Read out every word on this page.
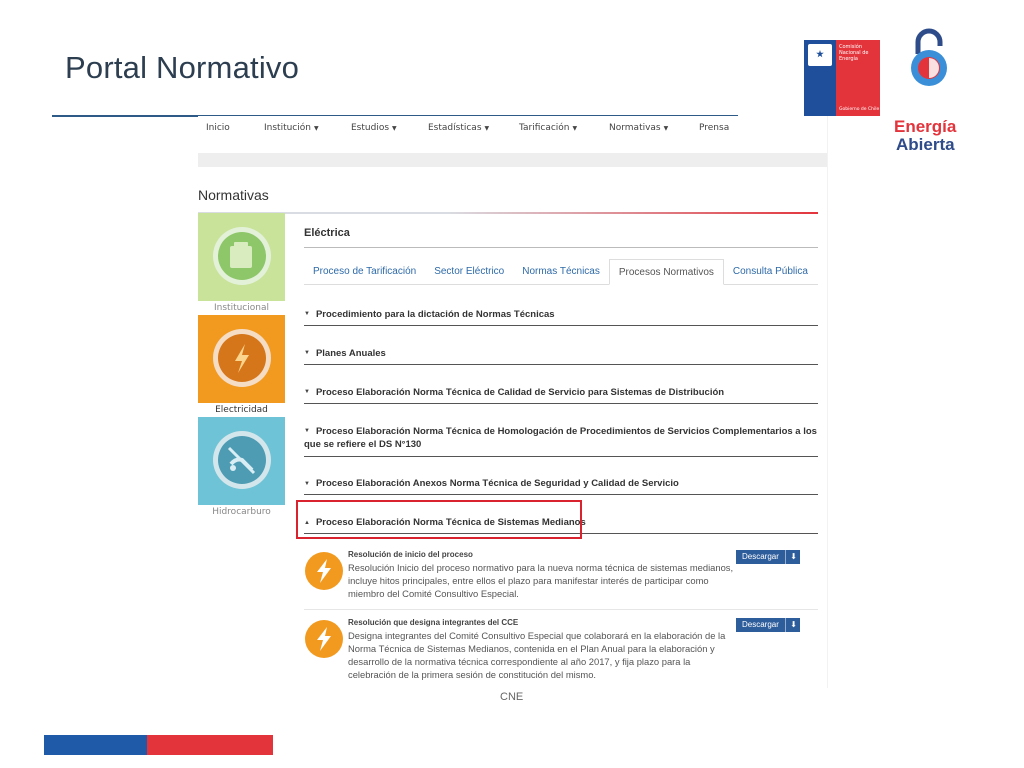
Portal Normativo
Comisión
Nacional de
Energía
Gobierno de Chile
Energía
Abierta
Inicio	Institución ▼	Estudios ▼	Estadísticas ▼	Tarificación ▼	Normativas ▼	Prensa
Normativas
Institucional
Electricidad
Hidrocarburo
Eléctrica
Proceso de Tarificación	Sector Eléctrico	Normas Técnicas	Procesos Normativos	Consulta Pública
▼ Procedimiento para la dictación de Normas Técnicas
▼ Planes Anuales
▼ Proceso Elaboración Norma Técnica de Calidad de Servicio para Sistemas de Distribución
▼ Proceso Elaboración Norma Técnica de Homologación de Procedimientos de Servicios Complementarios a los que se refiere el DS N°130
▼ Proceso Elaboración Anexos Norma Técnica de Seguridad y Calidad de Servicio
▲ Proceso Elaboración Norma Técnica de Sistemas Medianos
Resolución de inicio del proceso
Resolución Inicio del proceso normativo para la nueva norma técnica de sistemas medianos, incluye hitos principales, entre ellos el plazo para manifestar interés de participar como miembro del Comité Consultivo Especial.
Descargar	⬇
Resolución que designa integrantes del CCE
Designa integrantes del Comité Consultivo Especial que colaborará en la elaboración de la Norma Técnica de Sistemas Medianos, contenida en el Plan Anual para la elaboración y desarrollo de la normativa técnica correspondiente al año 2017, y fija plazo para la celebración de la primera sesión de constitución del mismo.
Descargar	⬇
CNE
